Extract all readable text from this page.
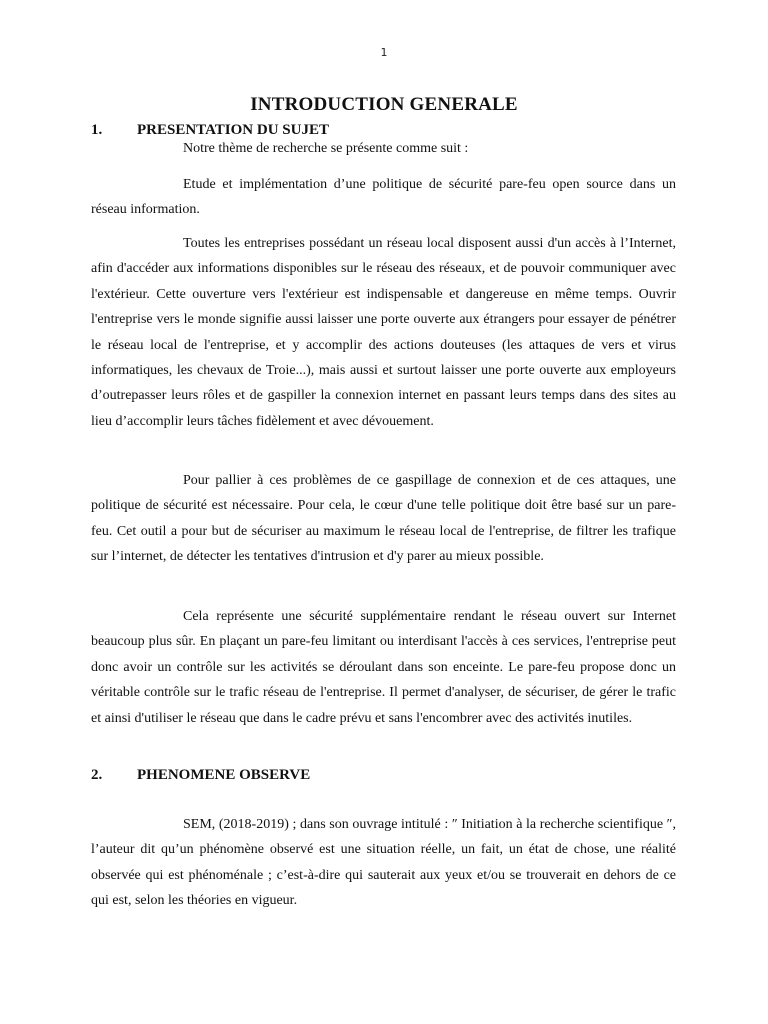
1
INTRODUCTION GENERALE
1.	PRESENTATION DU SUJET
Notre thème de recherche se présente comme suit :

Etude et implémentation d’une politique de sécurité pare-feu open source dans un réseau information.

Toutes les entreprises possédant un réseau local disposent aussi d'un accès à l’Internet, afin d'accéder aux informations disponibles sur le réseau des réseaux, et de pouvoir communiquer avec l'extérieur. Cette ouverture vers l'extérieur est indispensable et dangereuse en même temps. Ouvrir l'entreprise vers le monde signifie aussi laisser une porte ouverte aux étrangers pour essayer de pénétrer le réseau local de l'entreprise, et y accomplir des actions douteuses (les attaques de vers et virus informatiques, les chevaux de Troie...), mais aussi et surtout laisser une porte ouverte aux employeurs d’outrepasser leurs rôles et de gaspiller la connexion internet en passant leurs temps dans des sites au lieu d’accomplir leurs tâches fidèlement et avec dévouement.

Pour pallier à ces problèmes de ce gaspillage de connexion et de ces attaques, une politique de sécurité est nécessaire. Pour cela, le cœur d'une telle politique doit être basé sur un pare-feu. Cet outil a pour but de sécuriser au maximum le réseau local de l'entreprise, de filtrer les trafique sur l’internet, de détecter les tentatives d'intrusion et d'y parer au mieux possible.

Cela représente une sécurité supplémentaire rendant le réseau ouvert sur Internet beaucoup plus sûr. En plaçant un pare-feu limitant ou interdisant l'accès à ces services, l'entreprise peut donc avoir un contrôle sur les activités se déroulant dans son enceinte. Le pare-feu propose donc un véritable contrôle sur le trafic réseau de l'entreprise. Il permet d'analyser, de sécuriser, de gérer le trafic et ainsi d'utiliser le réseau que dans le cadre prévu et sans l'encombrer avec des activités inutiles.

2.	PHENOMENE OBSERVE

SEM, (2018-2019) ; dans son ouvrage intitulé : ″ Initiation à la recherche scientifique ″, l’auteur dit qu’un phénomène observé est une situation réelle, un fait, un état de chose, une réalité observée qui est phénoménale ; c’est-à-dire qui sauterait aux yeux et/ou se trouverait en dehors de ce qui est, selon les théories en vigueur.
